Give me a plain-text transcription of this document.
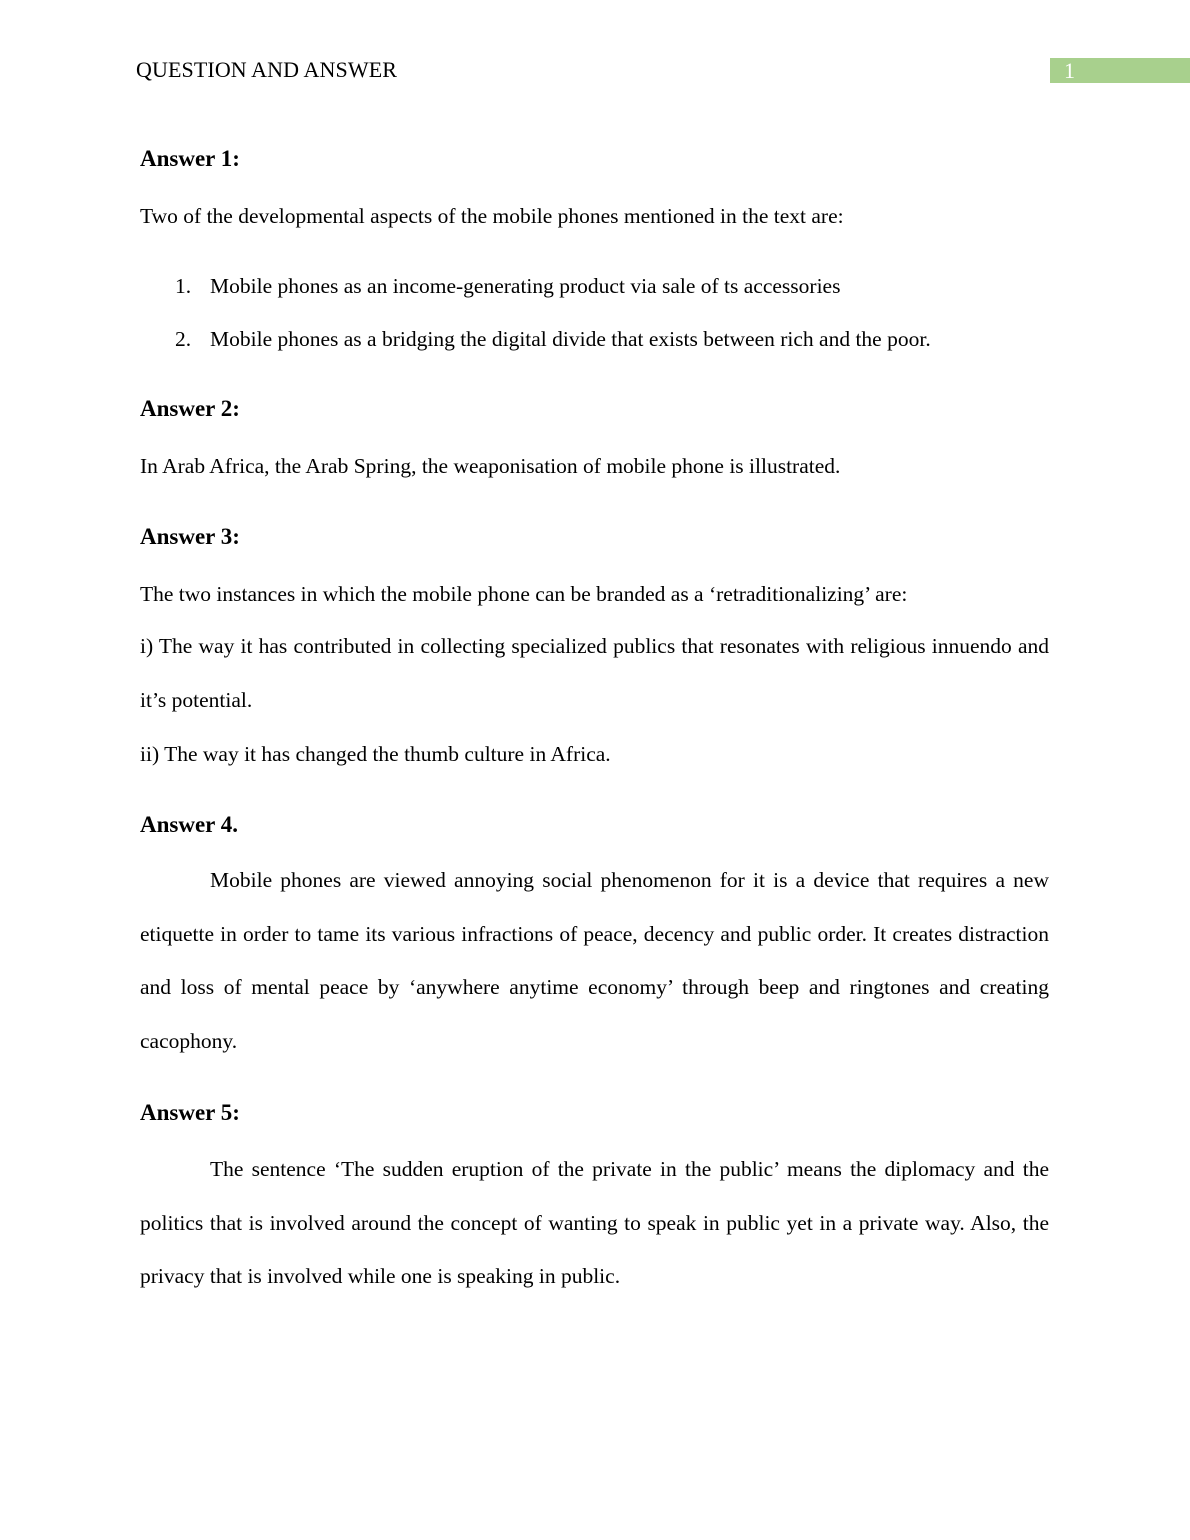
QUESTION AND ANSWER	1
Answer 1:
Two of the developmental aspects of the mobile phones mentioned in the text are:
1. Mobile phones as an income-generating product via sale of ts accessories
2. Mobile phones as a bridging the digital divide that exists between rich and the poor.
Answer 2:
In Arab Africa, the Arab Spring, the weaponisation of mobile phone is illustrated.
Answer 3:
The two instances in which the mobile phone can be branded as a ‘retraditionalizing’ are:

i) The way it has contributed in collecting specialized publics that resonates with religious innuendo and it’s potential.

ii) The way it has changed the thumb culture in Africa.
Answer 4.

Mobile phones are viewed annoying social phenomenon for it is a device that requires a new etiquette in order to tame its various infractions of peace, decency and public order. It creates distraction and loss of mental peace by ‘anywhere anytime economy’ through beep and ringtones and creating cacophony.

Answer 5:

The sentence ‘The sudden eruption of the private in the public’ means the diplomacy and the politics that is involved around the concept of wanting to speak in public yet in a private way. Also, the privacy that is involved while one is speaking in public.
